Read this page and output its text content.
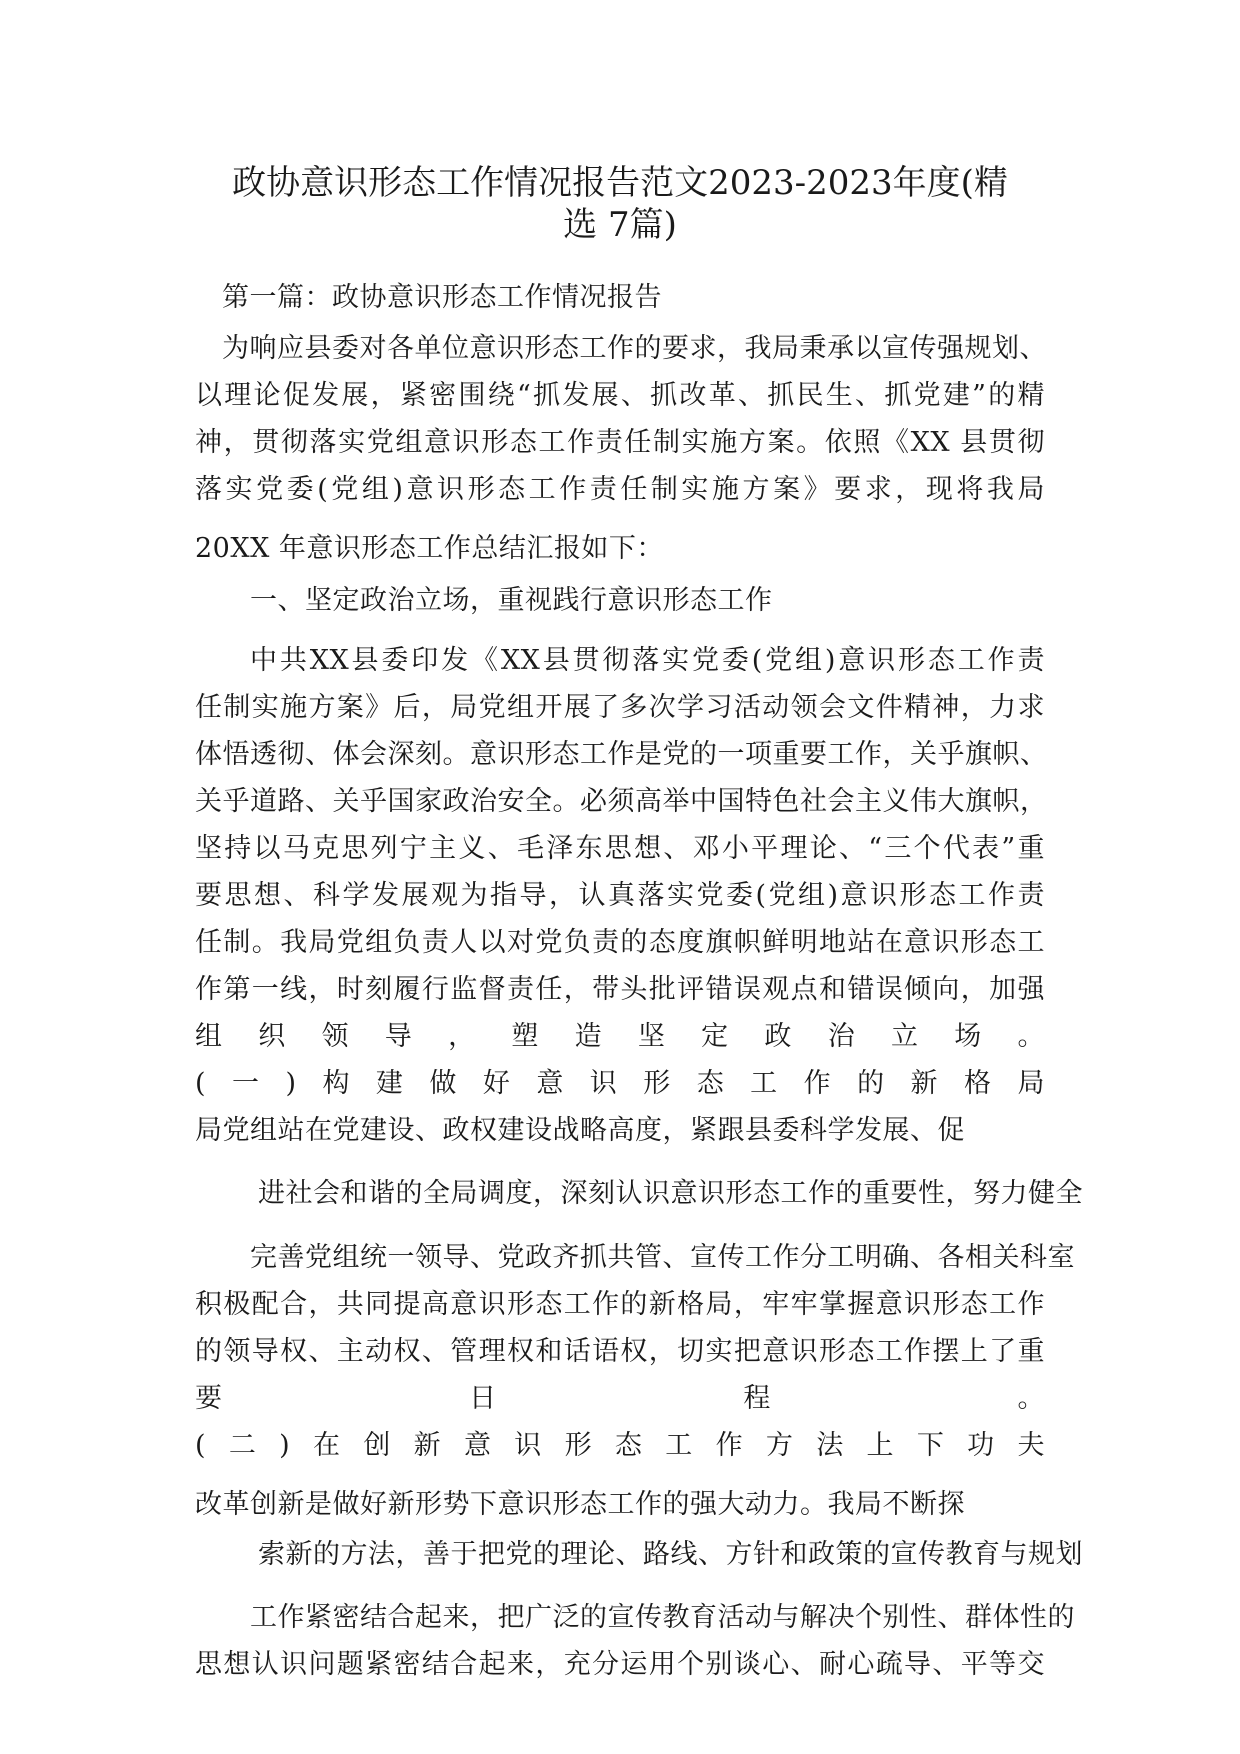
政协意识形态工作情况报告范文2023-2023年度(精
选 7篇)
第一篇：政协意识形态工作情况报告
为响应县委对各单位意识形态工作的要求，我局秉承以宣传强规划、
以理论促发展，紧密围绕“抓发展、抓改革、抓民生、抓党建”的精
神，贯彻落实党组意识形态工作责任制实施方案。依照《XX 县贯彻
落实党委(党组)意识形态工作责任制实施方案》要求，现将我局
20XX 年意识形态工作总结汇报如下：
一、坚定政治立场，重视践行意识形态工作
中共XX县委印发《XX县贯彻落实党委(党组)意识形态工作责
任制实施方案》后，局党组开展了多次学习活动领会文件精神，力求
体悟透彻、体会深刻。意识形态工作是党的一项重要工作，关乎旗帜、
关乎道路、关乎国家政治安全。必须高举中国特色社会主义伟大旗帜，
坚持以马克思列宁主义、毛泽东思想、邓小平理论、“三个代表”重
要思想、科学发展观为指导，认真落实党委(党组)意识形态工作责
任制。我局党组负责人以对党负责的态度旗帜鲜明地站在意识形态工
作第一线，时刻履行监督责任，带头批评错误观点和错误倾向，加强
组织领导，塑造坚定政治立场。
(一)构建做好意识形态工作的新格局
局党组站在党建设、政权建设战略高度，紧跟县委科学发展、促
进社会和谐的全局调度，深刻认识意识形态工作的重要性，努力健全
完善党组统一领导、党政齐抓共管、宣传工作分工明确、各相关科室
积极配合，共同提高意识形态工作的新格局，牢牢掌握意识形态工作
的领导权、主动权、管理权和话语权，切实把意识形态工作摆上了重
要日程。
(二)在创新意识形态工作方法上下功夫
改革创新是做好新形势下意识形态工作的强大动力。我局不断探
索新的方法，善于把党的理论、路线、方针和政策的宣传教育与规划
工作紧密结合起来，把广泛的宣传教育活动与解决个别性、群体性的
思想认识问题紧密结合起来，充分运用个别谈心、耐心疏导、平等交
